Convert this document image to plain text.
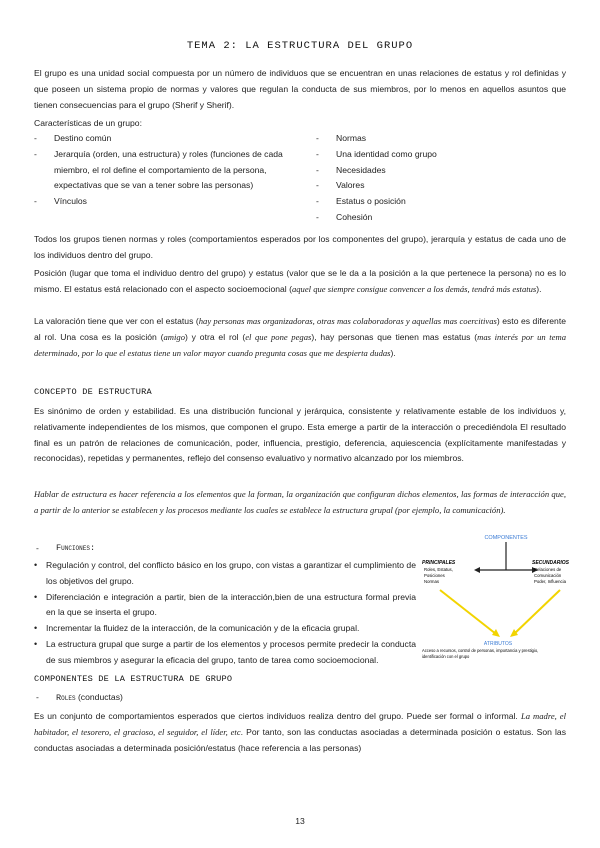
TEMA 2: LA ESTRUCTURA DEL GRUPO
El grupo es una unidad social compuesta por un número de individuos que se encuentran en unas relaciones de estatus y rol definidas y que poseen un sistema propio de normas y valores que regulan la conducta de sus miembros, por lo menos en aquellos asuntos que tienen consecuencias para el grupo (Sherif y Sherif).
Características de un grupo:
-	Destino común
-	Jerarquía (orden, una estructura) y roles (funciones de cada miembro, el rol define el comportamiento de la persona, expectativas que se van a tener sobre las personas)
-	Vínculos
-	Normas
-	Una identidad como grupo
-	Necesidades
-	Valores
-	Estatus o posición
-	Cohesión
Todos los grupos tienen normas y roles (comportamientos esperados por los componentes del grupo), jerarquía y estatus de cada uno de los individuos dentro del grupo.
Posición (lugar que toma el individuo dentro del grupo) y estatus (valor que se le da a la posición a la que pertenece la persona) no es lo mismo. El estatus está relacionado con el aspecto socioemocional (aquel que siempre consigue convencer a los demás, tendrá más estatus).
La valoración tiene que ver con el estatus (hay personas mas organizadoras, otras mas colaboradoras y aquellas mas coercitivas) esto es diferente al rol. Una cosa es la posición (amigo) y otra el rol (el que pone pegas), hay personas que tienen mas estatus (mas interés por un tema determinado, por lo que el estatus tiene un valor mayor cuando pregunta cosas que me despierta dudas).
CONCEPTO DE ESTRUCTURA
Es sinónimo de orden y estabilidad. Es una distribución funcional y jerárquica, consistente y relativamente estable de los individuos y, relativamente independientes de los mismos, que componen el grupo. Esta emerge a partir de la interacción o precediéndola El resultado final es un patrón de relaciones de comunicación, poder, influencia, prestigio, deferencia, aquiescencia (explícitamente manifestadas y reconocidas), repetidas y permanentes, reflejo del consenso evaluativo y normativo alcanzado por los miembros.
Hablar de estructura es hacer referencia a los elementos que la forman, la organización que configuran dichos elementos, las formas de interacción que, a partir de lo anterior se establecen y los procesos mediante los cuales se establece la estructura grupal (por ejemplo, la comunicación).
-	Funciones:
•	Regulación y control, del conflicto básico en los grupo, con vistas a garantizar el cumplimiento de los objetivos del grupo.
•	Diferenciación e integración a partir, bien de la interacción,bien de una estructura formal previa en la que se inserta el grupo.
•	Incrementar la fluidez de la interacción, de la comunicación y de la eficacia grupal.
•	La estructura grupal que surge a partir de los elementos y procesos permite predecir la conducta de sus miembros y asegurar la eficacia del grupo, tanto de tarea como socioemocional.
COMPONENTES
PRINCIPALES
Roles, Estatus,
Posiciones
Normas
SECUNDARIOS
Relaciones de
Comunicación
Poder, Influencia
ATRIBUTOS
Acceso a recursos, control de personas, importancia y prestigio,
identificación con el grupo
COMPONENTES DE LA ESTRUCTURA DE GRUPO
-	Roles (conductas)
Es un conjunto de comportamientos esperados que ciertos individuos realiza dentro del grupo. Puede ser formal o informal. La madre, el habitador, el tesorero, el gracioso, el seguidor, el líder, etc. Por tanto, son las conductas asociadas a determinada posición o estatus. Son las conductas asociadas a determinada posición/estatus (hace referencia a las personas)
13
